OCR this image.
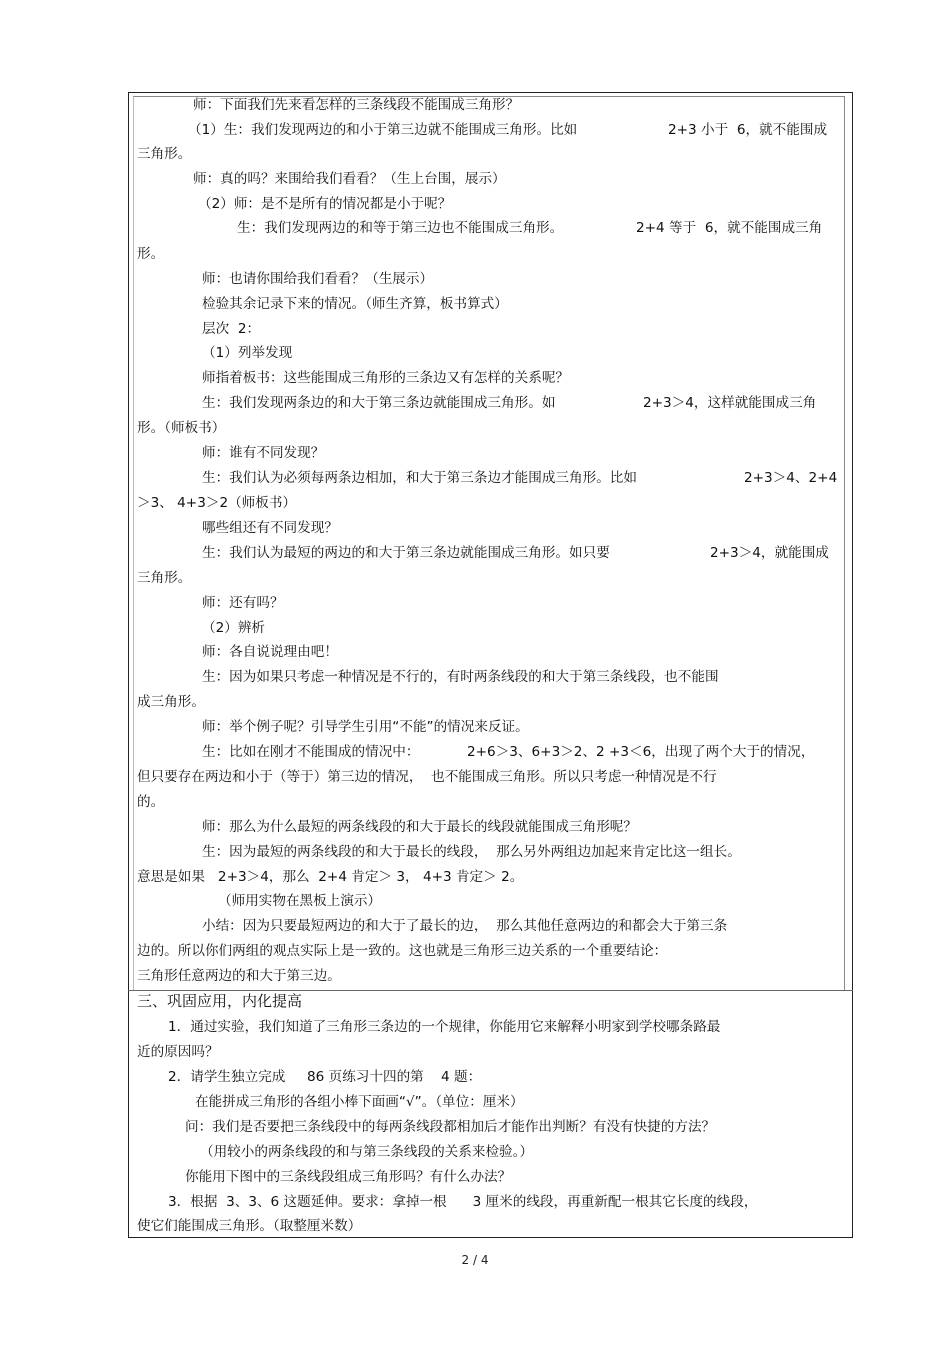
师：下面我们先来看怎样的三条线段不能围成三角形？
（1）生：我们发现两边的和小于第三边就不能围成三角形。比如	2+3 小于  6，就不能围成
三角形。
师：真的吗？来围给我们看看？（生上台围，展示）
（2）师：是不是所有的情况都是小于呢？
生：我们发现两边的和等于第三边也不能围成三角形。	2+4 等于  6，就不能围成三角
形。
师：也请你围给我们看看？（生展示）
检验其余记录下来的情况。（师生齐算，板书算式）
层次  2：
（1）列举发现
师指着板书：这些能围成三角形的三条边又有怎样的关系呢？
生：我们发现两条边的和大于第三条边就能围成三角形。如	2+3＞4，这样就能围成三角
形。（师板书）
师：谁有不同发现？
生：我们认为必须每两条边相加，和大于第三条边才能围成三角形。比如	2+3＞4、2+4
＞3、 4+3＞2（师板书）
哪些组还有不同发现？
生：我们认为最短的两边的和大于第三条边就能围成三角形。如只要	2+3＞4，就能围成
三角形。
师：还有吗？
（2）辨析
师：各自说说理由吧！
生：因为如果只考虑一种情况是不行的，有时两条线段的和大于第三条线段，也不能围
成三角形。
师：举个例子呢？引导学生引用“不能”的情况来反证。
生：比如在刚才不能围成的情况中：	2+6＞3、6+3＞2、2 +3＜6，出现了两个大于的情况，
但只要存在两边和小于（等于）第三边的情况，  也不能围成三角形。所以只考虑一种情况是不行
的。
师：那么为什么最短的两条线段的和大于最长的线段就能围成三角形呢？
生：因为最短的两条线段的和大于最长的线段，  那么另外两组边加起来肯定比这一组长。
意思是如果   2+3＞4，那么  2+4 肯定＞ 3， 4+3 肯定＞ 2。
（师用实物在黑板上演示）
小结：因为只要最短两边的和大于了最长的边，  那么其他任意两边的和都会大于第三条
边的。所以你们两组的观点实际上是一致的。这也就是三角形三边关系的一个重要结论：
三角形任意两边的和大于第三边。
三、巩固应用，内化提高
1．通过实验，我们知道了三角形三条边的一个规律，你能用它来解释小明家到学校哪条路最
近的原因吗？
2．请学生独立完成     86 页练习十四的第    4 题：
在能拼成三角形的各组小棒下面画“√”。（单位：厘米）
问：我们是否要把三条线段中的每两条线段都相加后才能作出判断？有没有快捷的方法？
（用较小的两条线段的和与第三条线段的关系来检验。）
你能用下图中的三条线段组成三角形吗？有什么办法？
3．根据  3、3、6 这题延伸。要求：拿掉一根      3 厘米的线段，再重新配一根其它长度的线段，
使它们能围成三角形。（取整厘米数）
2 / 4
